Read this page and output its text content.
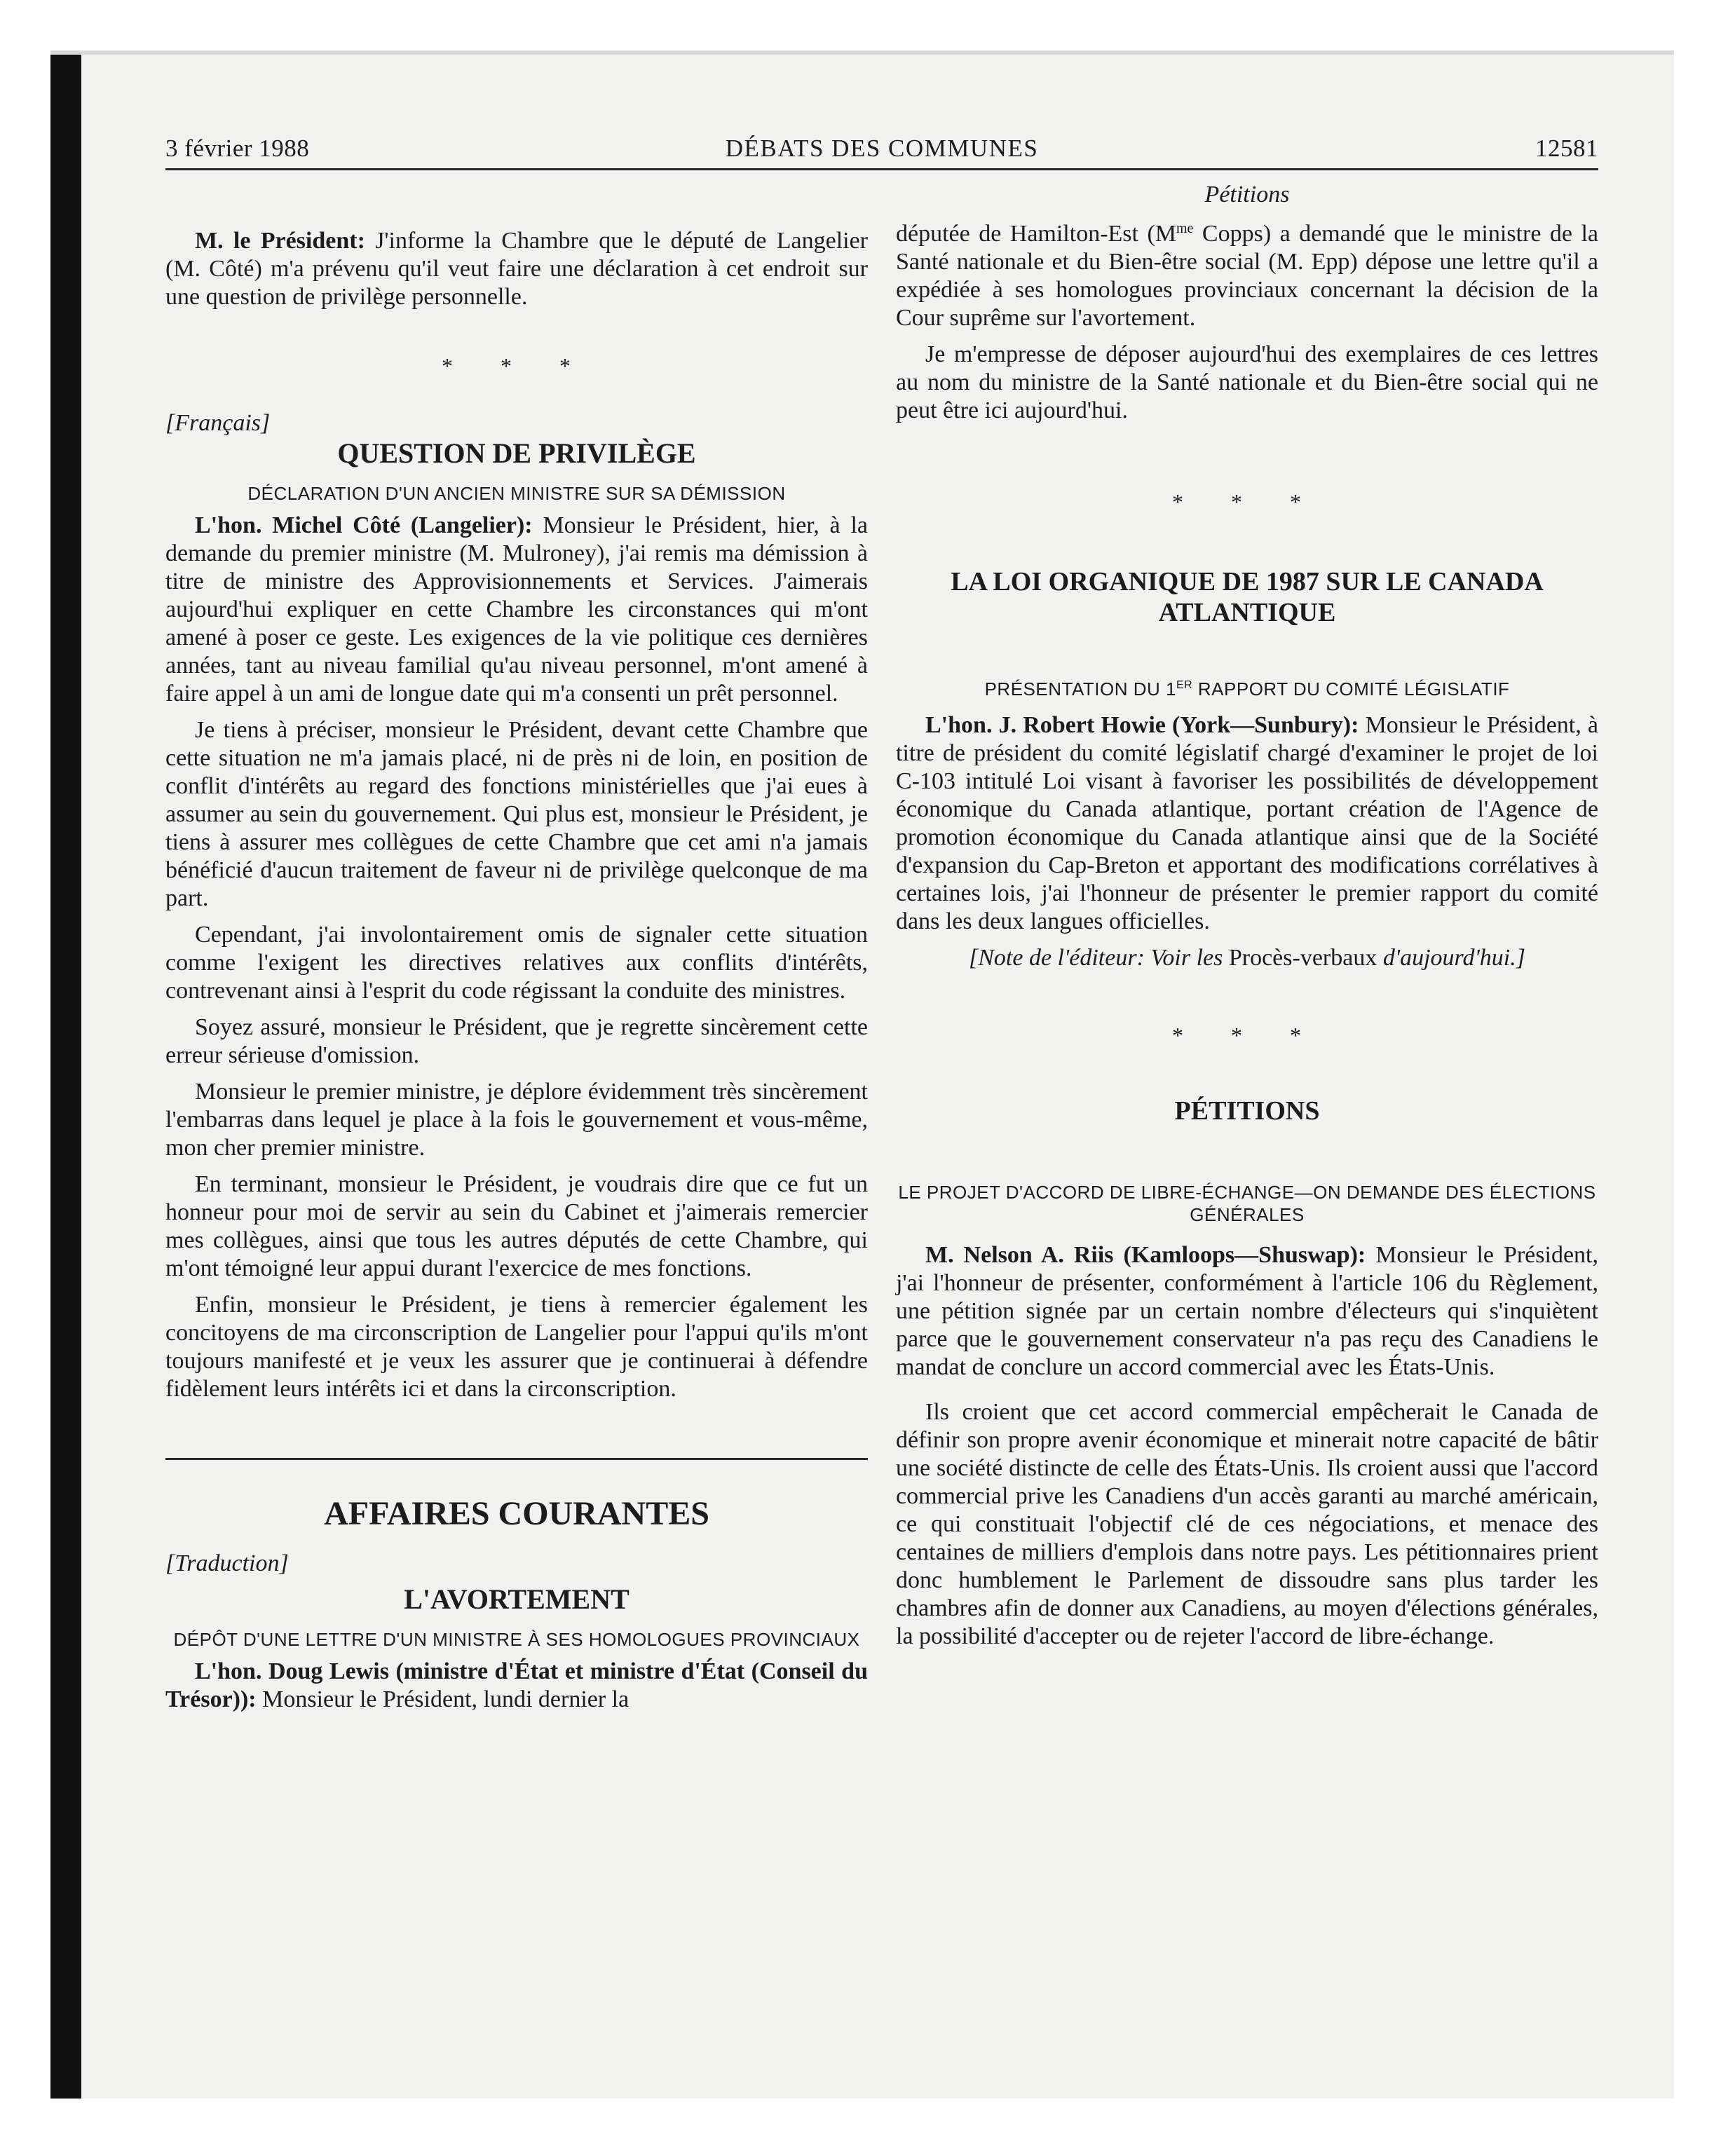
3 février 1988	DÉBATS DES COMMUNES	12581

M. le Président: J'informe la Chambre que le député de Langelier (M. Côté) m'a prévenu qu'il veut faire une déclaration à cet endroit sur une question de privilège personnelle.

* * *
[Français]
QUESTION DE PRIVILÈGE
DÉCLARATION D'UN ANCIEN MINISTRE SUR SA DÉMISSION

L'hon. Michel Côté (Langelier): Monsieur le Président, hier, à la demande du premier ministre (M. Mulroney), j'ai remis ma démission à titre de ministre des Approvisionnements et Services. J'aimerais aujourd'hui expliquer en cette Chambre les circonstances qui m'ont amené à poser ce geste. Les exigences de la vie politique ces dernières années, tant au niveau familial qu'au niveau personnel, m'ont amené à faire appel à un ami de longue date qui m'a consenti un prêt personnel.

Je tiens à préciser, monsieur le Président, devant cette Chambre que cette situation ne m'a jamais placé, ni de près ni de loin, en position de conflit d'intérêts au regard des fonctions ministérielles que j'ai eues à assumer au sein du gouvernement. Qui plus est, monsieur le Président, je tiens à assurer mes collègues de cette Chambre que cet ami n'a jamais bénéficié d'aucun traitement de faveur ni de privilège quelconque de ma part.

Cependant, j'ai involontairement omis de signaler cette situation comme l'exigent les directives relatives aux conflits d'intérêts, contrevenant ainsi à l'esprit du code régissant la conduite des ministres.

Soyez assuré, monsieur le Président, que je regrette sincèrement cette erreur sérieuse d'omission.

Monsieur le premier ministre, je déplore évidemment très sincèrement l'embarras dans lequel je place à la fois le gouvernement et vous-même, mon cher premier ministre.

En terminant, monsieur le Président, je voudrais dire que ce fut un honneur pour moi de servir au sein du Cabinet et j'aimerais remercier mes collègues, ainsi que tous les autres députés de cette Chambre, qui m'ont témoigné leur appui durant l'exercice de mes fonctions.

Enfin, monsieur le Président, je tiens à remercier également les concitoyens de ma circonscription de Langelier pour l'appui qu'ils m'ont toujours manifesté et je veux les assurer que je continuerai à défendre fidèlement leurs intérêts ici et dans la circonscription.

AFFAIRES COURANTES
[Traduction]
L'AVORTEMENT
DÉPÔT D'UNE LETTRE D'UN MINISTRE À SES HOMOLOGUES PROVINCIAUX

L'hon. Doug Lewis (ministre d'État et ministre d'État (Conseil du Trésor)): Monsieur le Président, lundi dernier la

Pétitions

députée de Hamilton-Est ($M^{me}$ Copps) a demandé que le ministre de la Santé nationale et du Bien-être social (M. Epp) dépose une lettre qu'il a expédiée à ses homologues provinciaux concernant la décision de la Cour suprême sur l'avortement.

Je m'empresse de déposer aujourd'hui des exemplaires de ces lettres au nom du ministre de la Santé nationale et du Bien-être social qui ne peut être ici aujourd'hui.

* * *
LA LOI ORGANIQUE DE 1987 SUR LE CANADA ATLANTIQUE
PRÉSENTATION DU 1ER RAPPORT DU COMITÉ LÉGISLATIF

L'hon. J. Robert Howie (York—Sunbury): Monsieur le Président, à titre de président du comité législatif chargé d'examiner le projet de loi C-103 intitulé Loi visant à favoriser les possibilités de développement économique du Canada atlantique, portant création de l'Agence de promotion économique du Canada atlantique ainsi que de la Société d'expansion du Cap-Breton et apportant des modifications corrélatives à certaines lois, j'ai l'honneur de présenter le premier rapport du comité dans les deux langues officielles.

[Note de l'éditeur: Voir les Procès-verbaux d'aujourd'hui.]

* * *
PÉTITIONS
LE PROJET D'ACCORD DE LIBRE-ÉCHANGE—ON DEMANDE DES ÉLECTIONS GÉNÉRALES

M. Nelson A. Riis (Kamloops—Shuswap): Monsieur le Président, j'ai l'honneur de présenter, conformément à l'article 106 du Règlement, une pétition signée par un certain nombre d'électeurs qui s'inquiètent parce que le gouvernement conservateur n'a pas reçu des Canadiens le mandat de conclure un accord commercial avec les États-Unis.

Ils croient que cet accord commercial empêcherait le Canada de définir son propre avenir économique et minerait notre capacité de bâtir une société distincte de celle des États-Unis. Ils croient aussi que l'accord commercial prive les Canadiens d'un accès garanti au marché américain, ce qui constituait l'objectif clé de ces négociations, et menace des centaines de milliers d'emplois dans notre pays. Les pétitionnaires prient donc humblement le Parlement de dissoudre sans plus tarder les chambres afin de donner aux Canadiens, au moyen d'élections générales, la possibilité d'accepter ou de rejeter l'accord de libre-échange.
